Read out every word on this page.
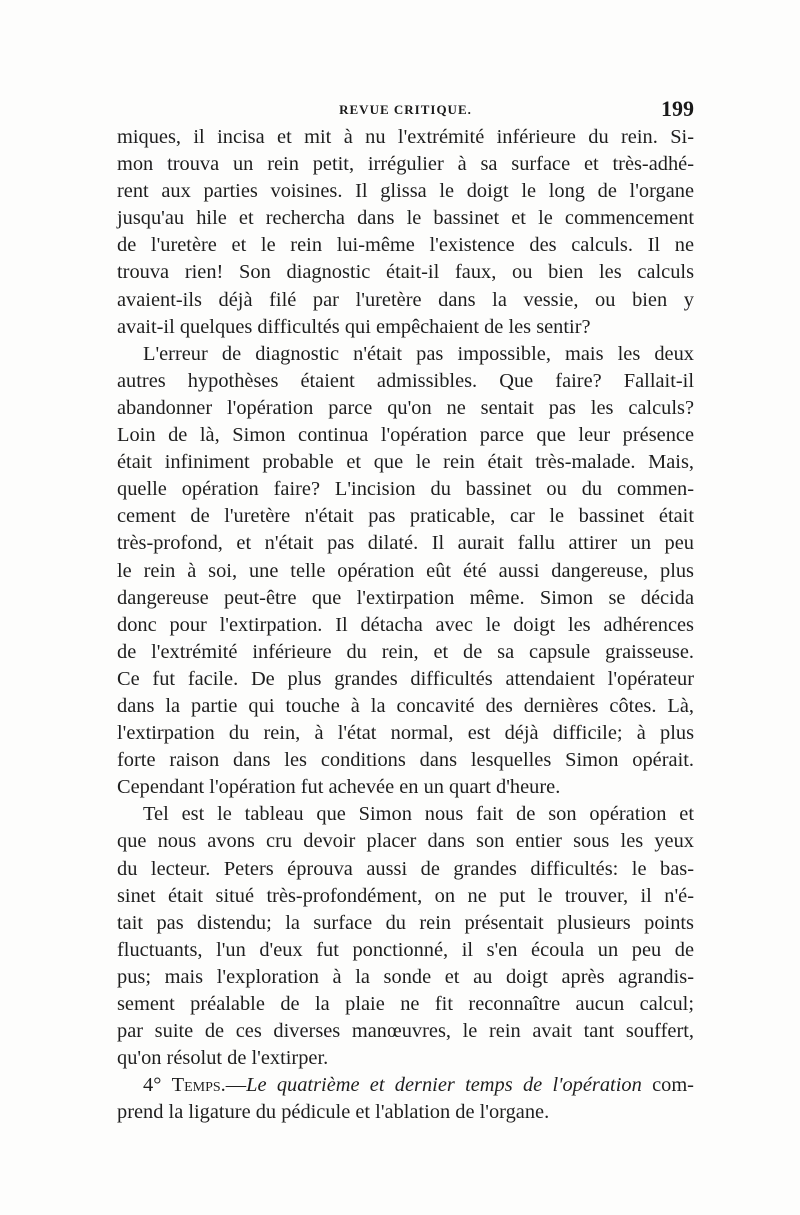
REVUE CRITIQUE.	199

miques, il incisa et mit à nu l'extrémité inférieure du rein. Si-
mon trouva un rein petit, irrégulier à sa surface et très-adhé-
rent aux parties voisines. Il glissa le doigt le long de l'organe
jusqu'au hile et rechercha dans le bassinet et le commencement
de l'uretère et le rein lui-même l'existence des calculs. Il ne
trouva rien! Son diagnostic était-il faux, ou bien les calculs
avaient-ils déjà filé par l'uretère dans la vessie, ou bien y
avait-il quelques difficultés qui empêchaient de les sentir?

L'erreur de diagnostic n'était pas impossible, mais les deux
autres hypothèses étaient admissibles. Que faire? Fallait-il
abandonner l'opération parce qu'on ne sentait pas les calculs?
Loin de là, Simon continua l'opération parce que leur présence
était infiniment probable et que le rein était très-malade. Mais,
quelle opération faire? L'incision du bassinet ou du commen-
cement de l'uretère n'était pas praticable, car le bassinet était
très-profond, et n'était pas dilaté. Il aurait fallu attirer un peu
le rein à soi, une telle opération eût été aussi dangereuse, plus
dangereuse peut-être que l'extirpation même. Simon se décida
donc pour l'extirpation. Il détacha avec le doigt les adhérences
de l'extrémité inférieure du rein, et de sa capsule graisseuse.
Ce fut facile. De plus grandes difficultés attendaient l'opérateur
dans la partie qui touche à la concavité des dernières côtes. Là,
l'extirpation du rein, à l'état normal, est déjà difficile; à plus
forte raison dans les conditions dans lesquelles Simon opérait.
Cependant l'opération fut achevée en un quart d'heure.

Tel est le tableau que Simon nous fait de son opération et
que nous avons cru devoir placer dans son entier sous les yeux
du lecteur. Peters éprouva aussi de grandes difficultés: le bas-
sinet était situé très-profondément, on ne put le trouver, il n'é-
tait pas distendu; la surface du rein présentait plusieurs points
fluctuants, l'un d'eux fut ponctionné, il s'en écoula un peu de
pus; mais l'exploration à la sonde et au doigt après agrandis-
sement préalable de la plaie ne fit reconnaître aucun calcul;
par suite de ces diverses manœuvres, le rein avait tant souffert,
qu'on résolut de l'extirper.

4° Temps.—Le quatrième et dernier temps de l'opération com-
prend la ligature du pédicule et l'ablation de l'organe.
